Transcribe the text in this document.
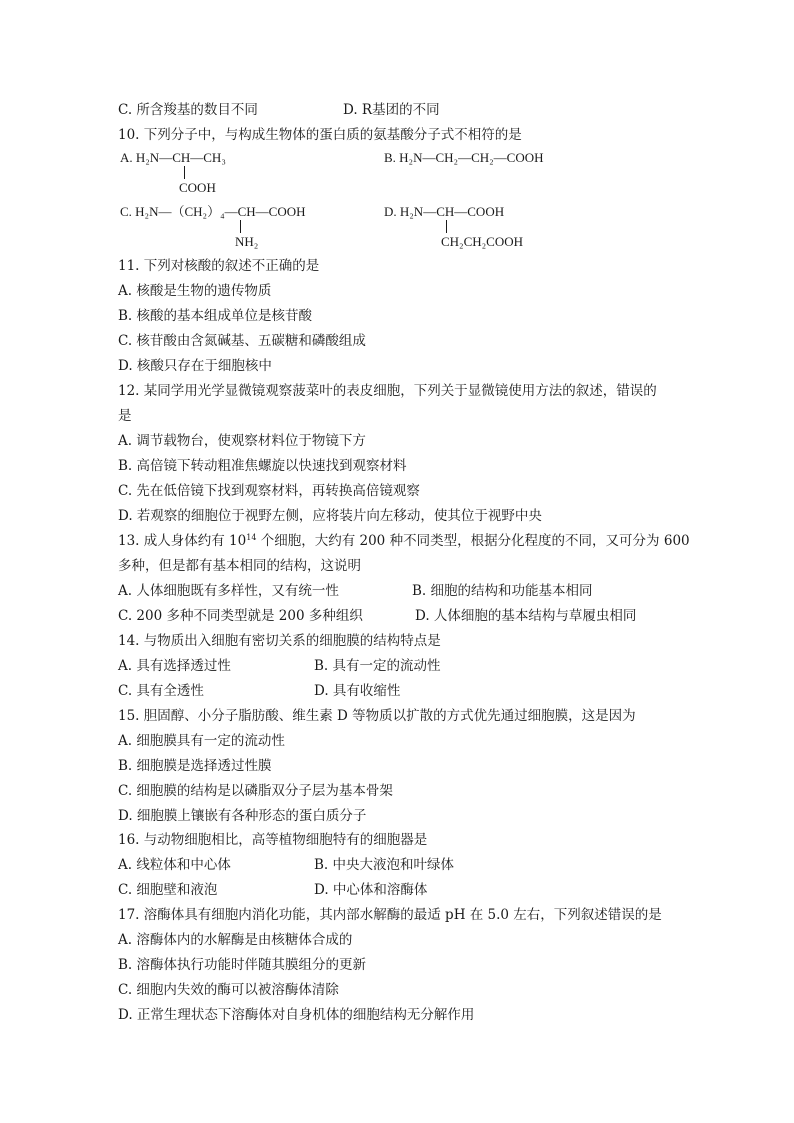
C. 所含羧基的数目不同	D. R基团的不同
10. 下列分子中，与构成生物体的蛋白质的氨基酸分子式不相符的是
A. H₂N—CH—CH₃
COOH
B. H₂N—CH₂—CH₂—COOH
C. H₂N—（CH₂）₄—CH—COOH
NH₂
D. H₂N—CH—COOH
CH₂CH₂COOH
11. 下列对核酸的叙述不正确的是
A. 核酸是生物的遗传物质
B. 核酸的基本组成单位是核苷酸
C. 核苷酸由含氮碱基、五碳糖和磷酸组成
D. 核酸只存在于细胞核中
12. 某同学用光学显微镜观察菠菜叶的表皮细胞，下列关于显微镜使用方法的叙述，错误的
是
A. 调节载物台，使观察材料位于物镜下方
B. 高倍镜下转动粗准焦螺旋以快速找到观察材料
C. 先在低倍镜下找到观察材料，再转换高倍镜观察
D. 若观察的细胞位于视野左侧，应将装片向左移动，使其位于视野中央
13. 成人身体约有 $10^{14}$ 个细胞，大约有 200 种不同类型，根据分化程度的不同，又可分为 600
多种，但是都有基本相同的结构，这说明
A. 人体细胞既有多样性，又有统一性	B. 细胞的结构和功能基本相同
C. 200 多种不同类型就是 200 多种组织	D. 人体细胞的基本结构与草履虫相同
14. 与物质出入细胞有密切关系的细胞膜的结构特点是
A. 具有选择透过性	B. 具有一定的流动性
C. 具有全透性	D. 具有收缩性
15. 胆固醇、小分子脂肪酸、维生素 D 等物质以扩散的方式优先通过细胞膜，这是因为
A. 细胞膜具有一定的流动性
B. 细胞膜是选择透过性膜
C. 细胞膜的结构是以磷脂双分子层为基本骨架
D. 细胞膜上镶嵌有各种形态的蛋白质分子
16. 与动物细胞相比，高等植物细胞特有的细胞器是
A. 线粒体和中心体	B. 中央大液泡和叶绿体
C. 细胞壁和液泡	D. 中心体和溶酶体
17. 溶酶体具有细胞内消化功能，其内部水解酶的最适 pH 在 5.0 左右，下列叙述错误的是
A. 溶酶体内的水解酶是由核糖体合成的
B. 溶酶体执行功能时伴随其膜组分的更新
C. 细胞内失效的酶可以被溶酶体清除
D. 正常生理状态下溶酶体对自身机体的细胞结构无分解作用
